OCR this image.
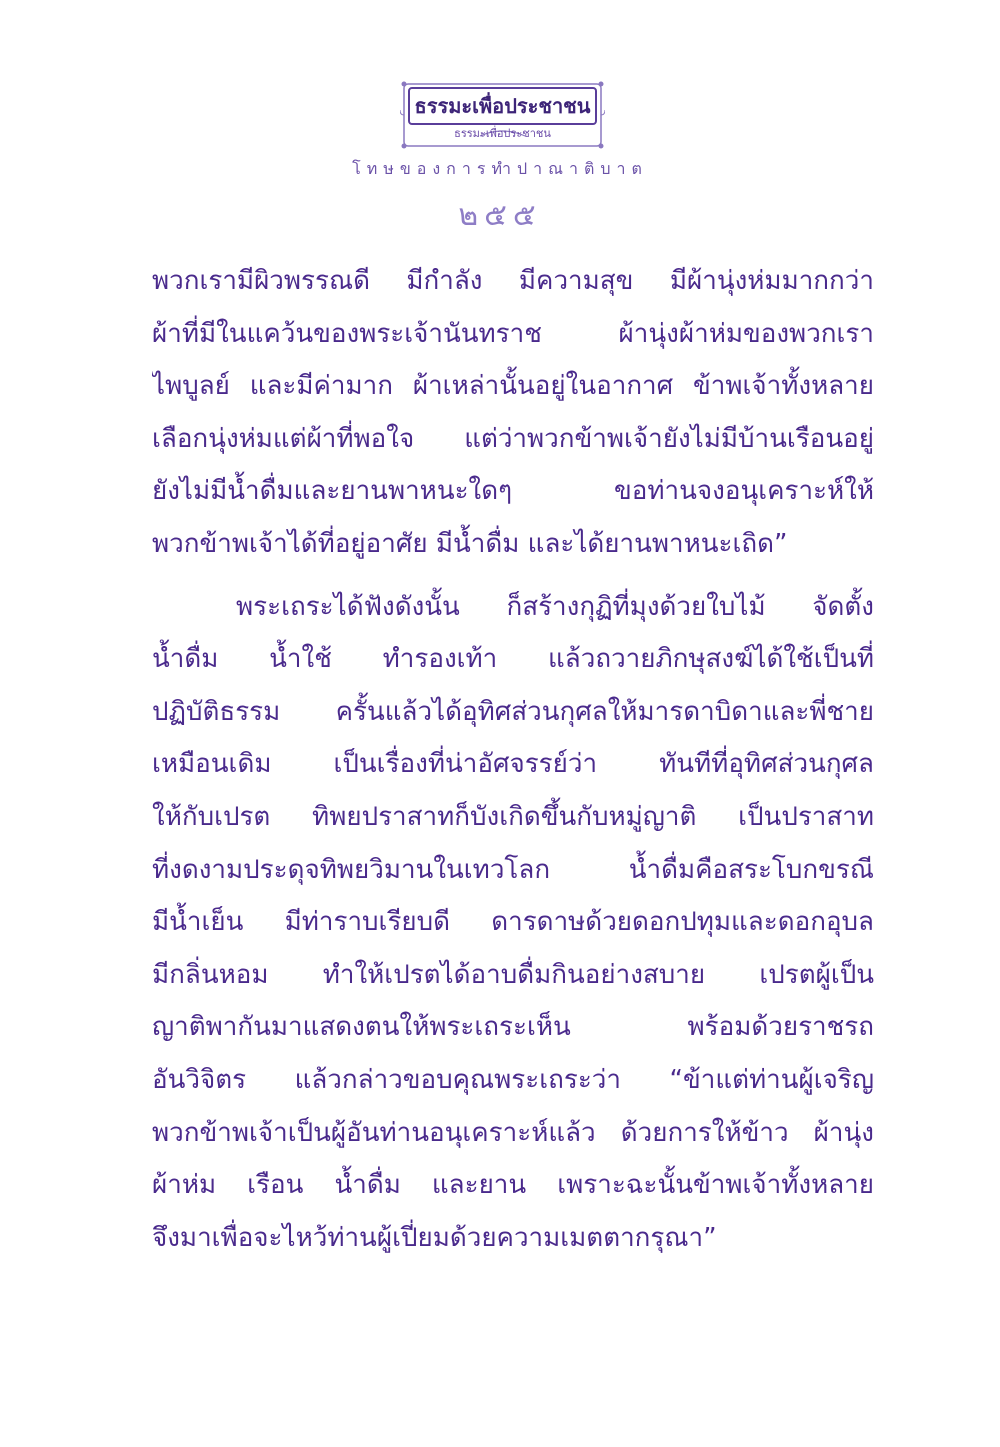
ธรรมะเพื่อประชาชน
ธรรมะเพื่อประชาชน
โทษของการทำปาณาติบาต
๒๕๕
พวกเรามีผิวพรรณดี มีกำลัง มีความสุข มีผ้านุ่งห่มมากกว่า
ผ้าที่มีในแคว้นของพระเจ้านันทราช ผ้านุ่งผ้าห่มของพวกเรา
ไพบูลย์ และมีค่ามาก ผ้าเหล่านั้นอยู่ในอากาศ ข้าพเจ้าทั้งหลาย
เลือกนุ่งห่มแต่ผ้าที่พอใจ แต่ว่าพวกข้าพเจ้ายังไม่มีบ้านเรือนอยู่
ยังไม่มีน้ำดื่มและยานพาหนะใดๆ ขอท่านจงอนุเคราะห์ให้
พวกข้าพเจ้าได้ที่อยู่อาศัย มีน้ำดื่ม และได้ยานพาหนะเถิด”
พระเถระได้ฟังดังนั้น ก็สร้างกุฏิที่มุงด้วยใบไม้ จัดตั้ง
น้ำดื่ม น้ำใช้ ทำรองเท้า แล้วถวายภิกษุสงฆ์ได้ใช้เป็นที่
ปฏิบัติธรรม ครั้นแล้วได้อุทิศส่วนกุศลให้มารดาบิดาและพี่ชาย
เหมือนเดิม เป็นเรื่องที่น่าอัศจรรย์ว่า ทันทีที่อุทิศส่วนกุศล
ให้กับเปรต ทิพยปราสาทก็บังเกิดขึ้นกับหมู่ญาติ เป็นปราสาท
ที่งดงามประดุจทิพยวิมานในเทวโลก น้ำดื่มคือสระโบกขรณี
มีน้ำเย็น มีท่าราบเรียบดี ดารดาษด้วยดอกปทุมและดอกอุบล
มีกลิ่นหอม ทำให้เปรตได้อาบดื่มกินอย่างสบาย เปรตผู้เป็น
ญาติพากันมาแสดงตนให้พระเถระเห็น พร้อมด้วยราชรถ
อันวิจิตร แล้วกล่าวขอบคุณพระเถระว่า “ข้าแต่ท่านผู้เจริญ
พวกข้าพเจ้าเป็นผู้อันท่านอนุเคราะห์แล้ว ด้วยการให้ข้าว ผ้านุ่ง
ผ้าห่ม เรือน น้ำดื่ม และยาน เพราะฉะนั้นข้าพเจ้าทั้งหลาย
จึงมาเพื่อจะไหว้ท่านผู้เปี่ยมด้วยความเมตตากรุณา”
